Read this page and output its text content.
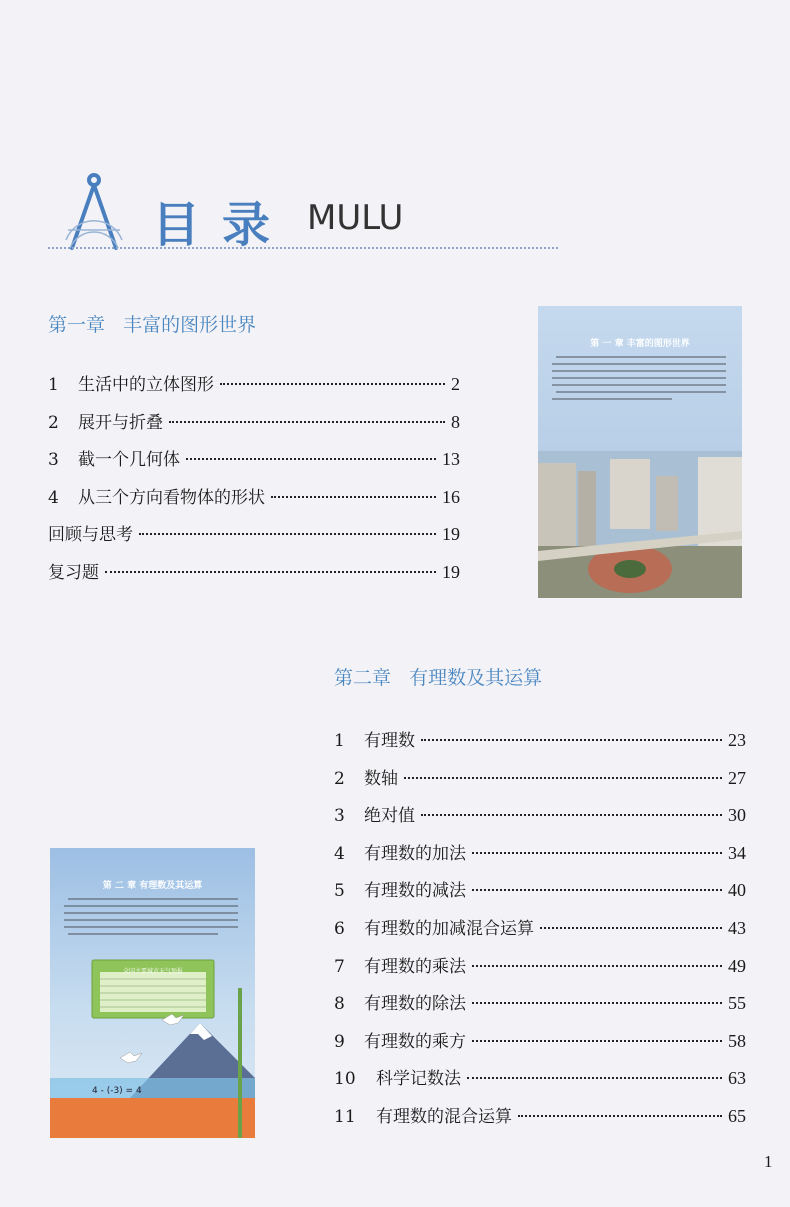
目录 MULU
第一章   丰富的图形世界
1	生活中的立体图形	2
2	展开与折叠	8
3	截一个几何体	13
4	从三个方向看物体的形状	16
回顾与思考	19
复习题	19
第 一 章 丰富的图形世界
第二章   有理数及其运算
1	有理数	23
2	数轴	27
3	绝对值	30
4	有理数的加法	34
5	有理数的减法	40
6	有理数的加减混合运算	43
7	有理数的乘法	49
8	有理数的除法	55
9	有理数的乘方	58
10	科学记数法	63
11	有理数的混合运算	65
第 二 章 有理数及其运算
全国主要城市天气预报
4 - (-3) = 4
1
